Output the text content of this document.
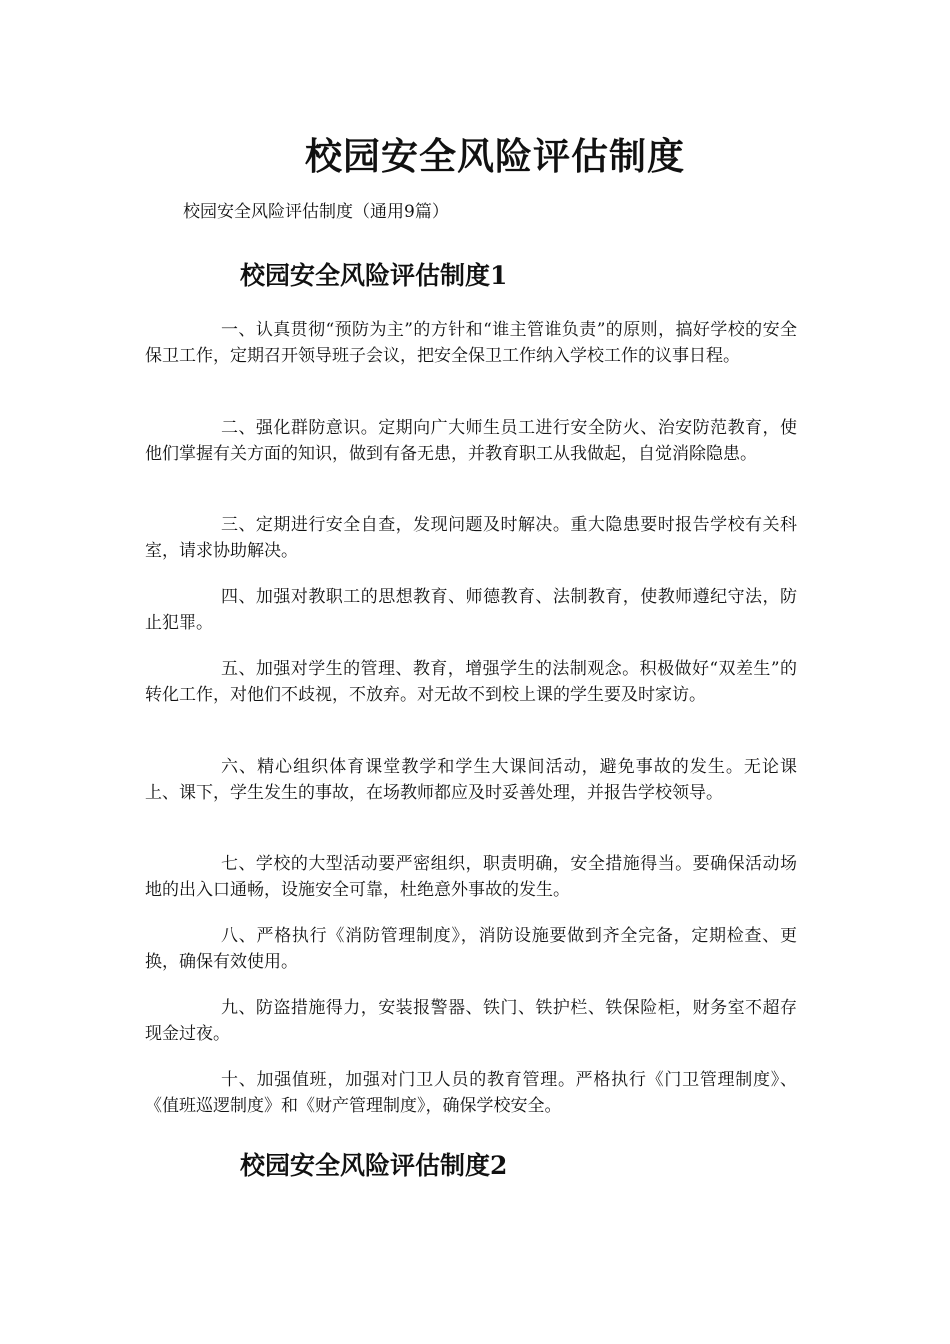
校园安全风险评估制度

校园安全风险评估制度（通用9篇）

校园安全风险评估制度1

一、认真贯彻“预防为主”的方针和“谁主管谁负责”的原则，搞好学校的安全保卫工作，定期召开领导班子会议，把安全保卫工作纳入学校工作的议事日程。

二、强化群防意识。定期向广大师生员工进行安全防火、治安防范教育，使他们掌握有关方面的知识，做到有备无患，并教育职工从我做起，自觉消除隐患。

三、定期进行安全自查，发现问题及时解决。重大隐患要时报告学校有关科室，请求协助解决。

四、加强对教职工的思想教育、师德教育、法制教育，使教师遵纪守法，防止犯罪。

五、加强对学生的管理、教育，增强学生的法制观念。积极做好“双差生”的转化工作，对他们不歧视，不放弃。对无故不到校上课的学生要及时家访。

六、精心组织体育课堂教学和学生大课间活动，避免事故的发生。无论课上、课下，学生发生的事故，在场教师都应及时妥善处理，并报告学校领导。

七、学校的大型活动要严密组织，职责明确，安全措施得当。要确保活动场地的出入口通畅，设施安全可靠，杜绝意外事故的发生。

八、严格执行《消防管理制度》，消防设施要做到齐全完备，定期检查、更换，确保有效使用。

九、防盗措施得力，安装报警器、铁门、铁护栏、铁保险柜，财务室不超存现金过夜。

十、加强值班，加强对门卫人员的教育管理。严格执行《门卫管理制度》、《值班巡逻制度》和《财产管理制度》，确保学校安全。

校园安全风险评估制度2
